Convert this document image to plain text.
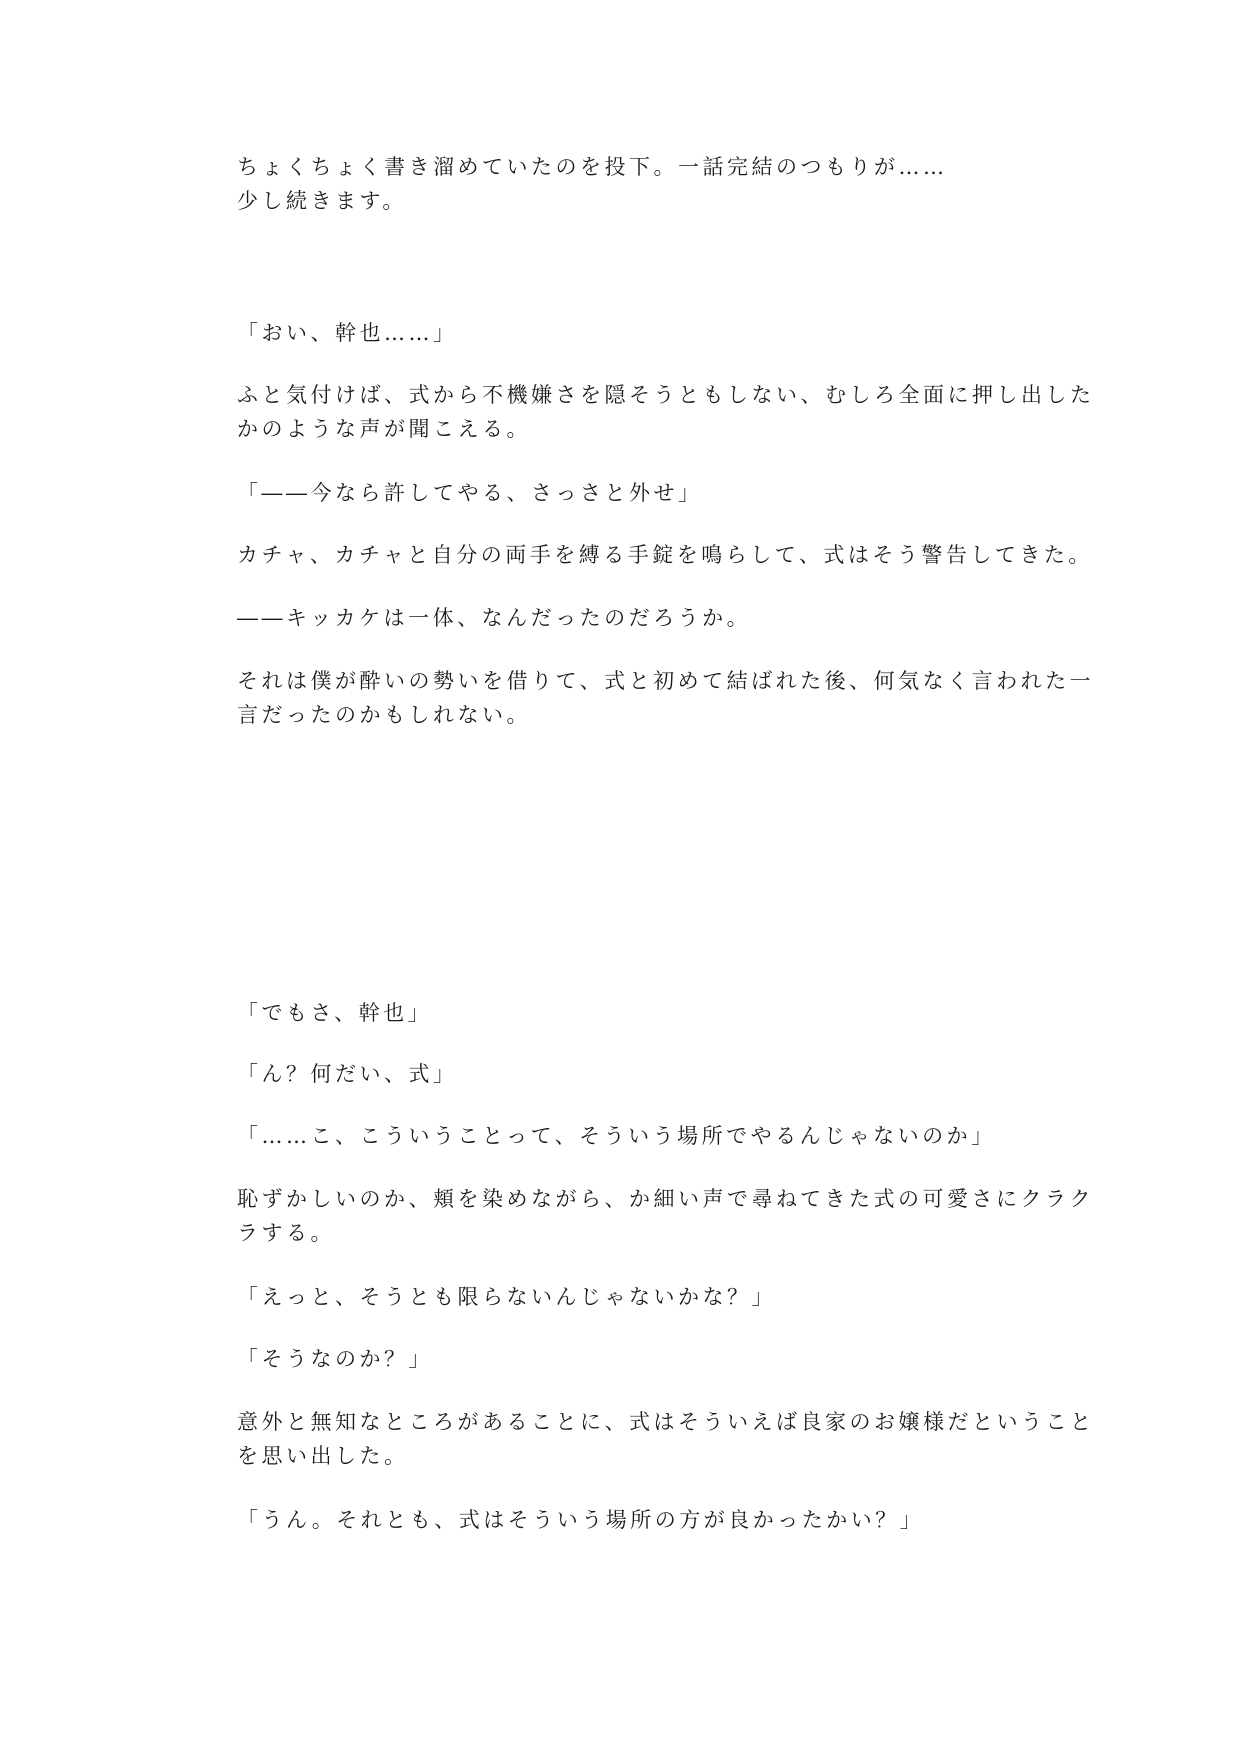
ちょくちょく書き溜めていたのを投下。一話完結のつもりが……
少し続きます。
「おい、幹也……」
ふと気付けば、式から不機嫌さを隠そうともしない、むしろ全面に押し出した
かのような声が聞こえる。
「――今なら許してやる、さっさと外せ」
カチャ、カチャと自分の両手を縛る手錠を鳴らして、式はそう警告してきた。
――キッカケは一体、なんだったのだろうか。
それは僕が酔いの勢いを借りて、式と初めて結ばれた後、何気なく言われた一
言だったのかもしれない。
「でもさ、幹也」
「ん？何だい、式」
「……こ、こういうことって、そういう場所でやるんじゃないのか」
恥ずかしいのか、頬を染めながら、か細い声で尋ねてきた式の可愛さにクラク
ラする。
「えっと、そうとも限らないんじゃないかな？」
「そうなのか？」
意外と無知なところがあることに、式はそういえば良家のお嬢様だということ
を思い出した。
「うん。それとも、式はそういう場所の方が良かったかい？」
